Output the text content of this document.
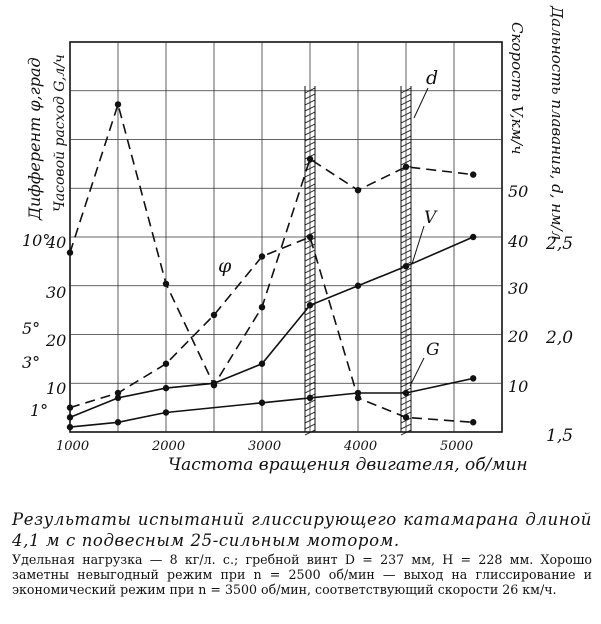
V
G
φ
d
1000	2000	3000	4000	5000
Частота вращения двигателя, об/мин
10°
5°
3°
1°
40
30
20
10
Дифферент φ,град Часовой расход G,л/ч	50
40
30
20
10
2,5
2,0
1,5
Скорость V,км/ч Дальность плавания, d, нм/л
Результаты испытаний глиссирующего катамарана длиной 4,1 м с подвесным 25-сильным мотором.
Удельная нагрузка — 8 кг/л. с.; гребной винт D = 237 мм, H = 228 мм. Хорошо заметны невыгодный режим при n = 2500 об/мин — выход на глиссирование и экономический режим при n = 3500 об/мин, соответствующий скорости 26 км/ч.
